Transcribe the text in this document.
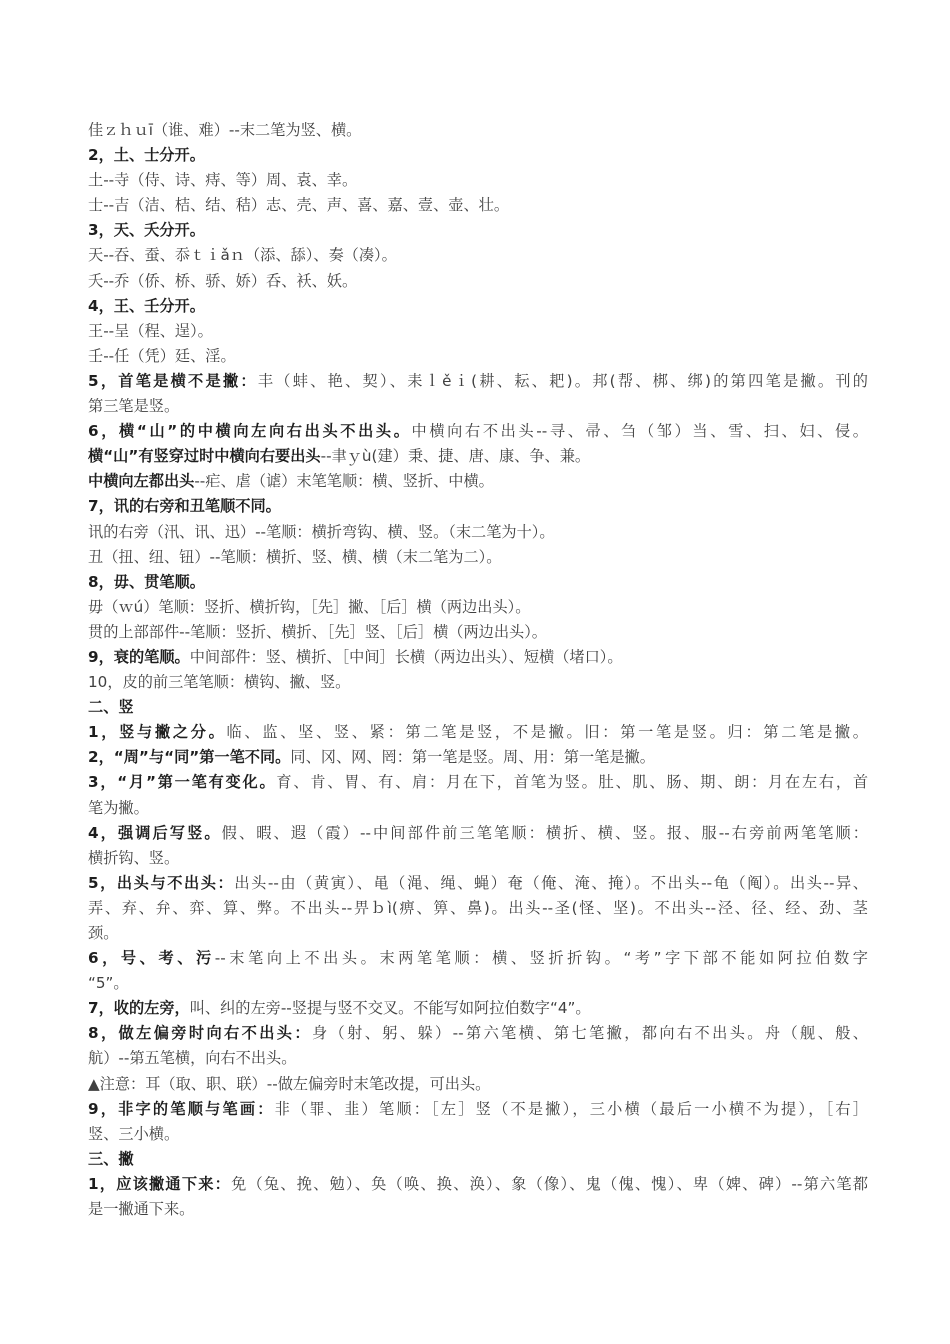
佳ｚｈｕī（谁、难）--末二笔为竖、横。
2，土、士分开。
土--寺（侍、诗、痔、等）周、袁、幸。
士--吉（洁、桔、结、秸）志、壳、声、喜、嘉、壹、壶、壮。
3，天、夭分开。
天--吞、蚕、忝ｔｉǎｎ（添、舔）、奏（凑）。
夭--乔（侨、桥、骄、娇）呑、袄、妖。
4，王、壬分开。
王--呈（程、逞）。
壬--任（凭）廷、淫。
5，首笔是横不是撇：丰（蚌、艳、契）、耒ｌěｉ(耕、耘、耙)。邦(帮、梆、绑)的第四笔是撇。刊的
第三笔是竖。
6，横“山”的中横向左向右出头不出头。中横向右不出头--寻、帚、刍（邹）当、雪、扫、妇、侵。
横“山”有竖穿过时中横向右要出头--聿ｙù(建）秉、捷、唐、康、争、兼。
中横向左都出头--疟、虐（谑）末笔笔顺：横、竖折、中横。
7，讯的右旁和丑笔顺不同。
讯的右旁（汛、讯、迅）--笔顺：横折弯钩、横、竖。（末二笔为十）。
丑（扭、纽、钮）--笔顺：横折、竖、横、横（末二笔为二）。
8，毋、贯笔顺。
毋（ｗú）笔顺：竖折、横折钩，［先］撇、［后］横（两边出头）。
贯的上部部件--笔顺：竖折、横折、［先］竖、［后］横（两边出头）。
9，衰的笔顺。中间部件：竖、横折、［中间］长横（两边出头）、短横（堵口）。
10，皮的前三笔笔顺：横钩、撇、竖。
二、竖
1，竖与撇之分。临、监、坚、竖、紧：第二笔是竖，不是撇。旧：第一笔是竖。归：第二笔是撇。
2，“周”与“同”第一笔不同。同、冈、网、罔：第一笔是竖。周、用：第一笔是撇。
3，“月”第一笔有变化。育、肯、胃、有、肩：月在下，首笔为竖。肚、肌、肠、期、朗：月在左右，首
笔为撇。
4，强调后写竖。假、暇、遐（霞）--中间部件前三笔笔顺：横折、横、竖。报、服--右旁前两笔笔顺：
横折钩、竖。
5，出头与不出头：出头--由（黄寅）、黾（渑、绳、蝇）奄（俺、淹、掩）。不出头--龟（阄）。出头--异、
弄、弃、弁、弈、算、弊。不出头--畀ｂì(痹、箅、鼻)。出头--圣(怪、坚)。不出头--泾、径、经、劲、茎
颈。
6，号、考、污--末笔向上不出头。末两笔笔顺：横、竖折折钩。“考”字下部不能如阿拉伯数字
“5”。
7，收的左旁，叫、纠的左旁--竖提与竖不交叉。不能写如阿拉伯数字“4”。
8，做左偏旁时向右不出头：身（射、躬、躲）--第六笔横、第七笔撇，都向右不出头。舟（舰、般、
航）--第五笔横，向右不出头。
▲注意：耳（取、职、联）--做左偏旁时末笔改提，可出头。
9，非字的笔顺与笔画：非（罪、韭）笔顺：［左］竖（不是撇），三小横（最后一小横不为提），［右］
竖、三小横。
三、撇
1，应该撇通下来：免（兔、挽、勉）、奂（唤、换、涣）、象（像）、鬼（傀、愧）、卑（婢、碑）--第六笔都
是一撇通下来。
